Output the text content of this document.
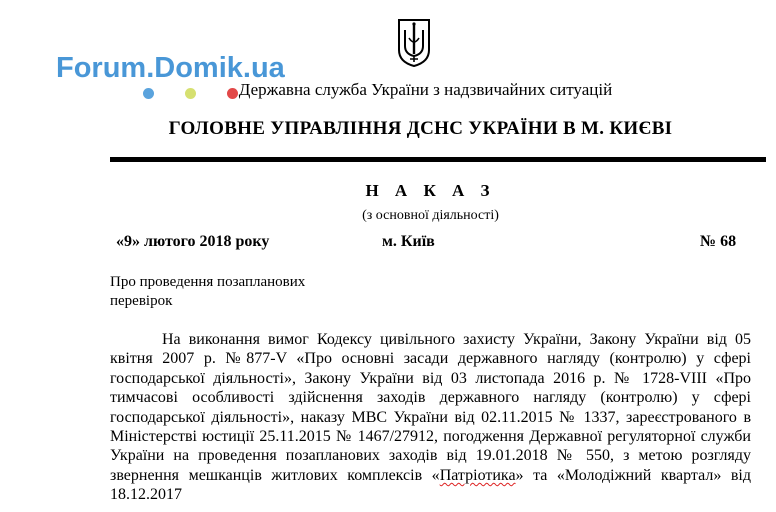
Forum.Domik.ua
Державна служба України з надзвичайних ситуацій
ГОЛОВНЕ УПРАВЛІННЯ ДСНС УКРАЇНИ В М. КИЄВІ
Н А К А З
(з основної діяльності)
«9» лютого 2018 року	м. Київ	№ 68
Про проведення позапланових
перевірок
На виконання вимог Кодексу цивільного захисту України, Закону України від 05 квітня 2007 р. №877-V «Про основні засади державного нагляду (контролю) у сфері господарської діяльності», Закону України від 03 листопада 2016 р. № 1728-VIII «Про тимчасові особливості здійснення заходів державного нагляду (контролю) у сфері господарської діяльності», наказу МВС України від 02.11.2015 № 1337, зареєстрованого в Міністерстві юстиції 25.11.2015 № 1467/27912, погодження Державної регуляторної служби України на проведення позапланових заходів від 19.01.2018 № 550, з метою розгляду звернення мешканців житлових комплексів «Патріотика» та «Молодіжний квартал» від 18.12.2017
